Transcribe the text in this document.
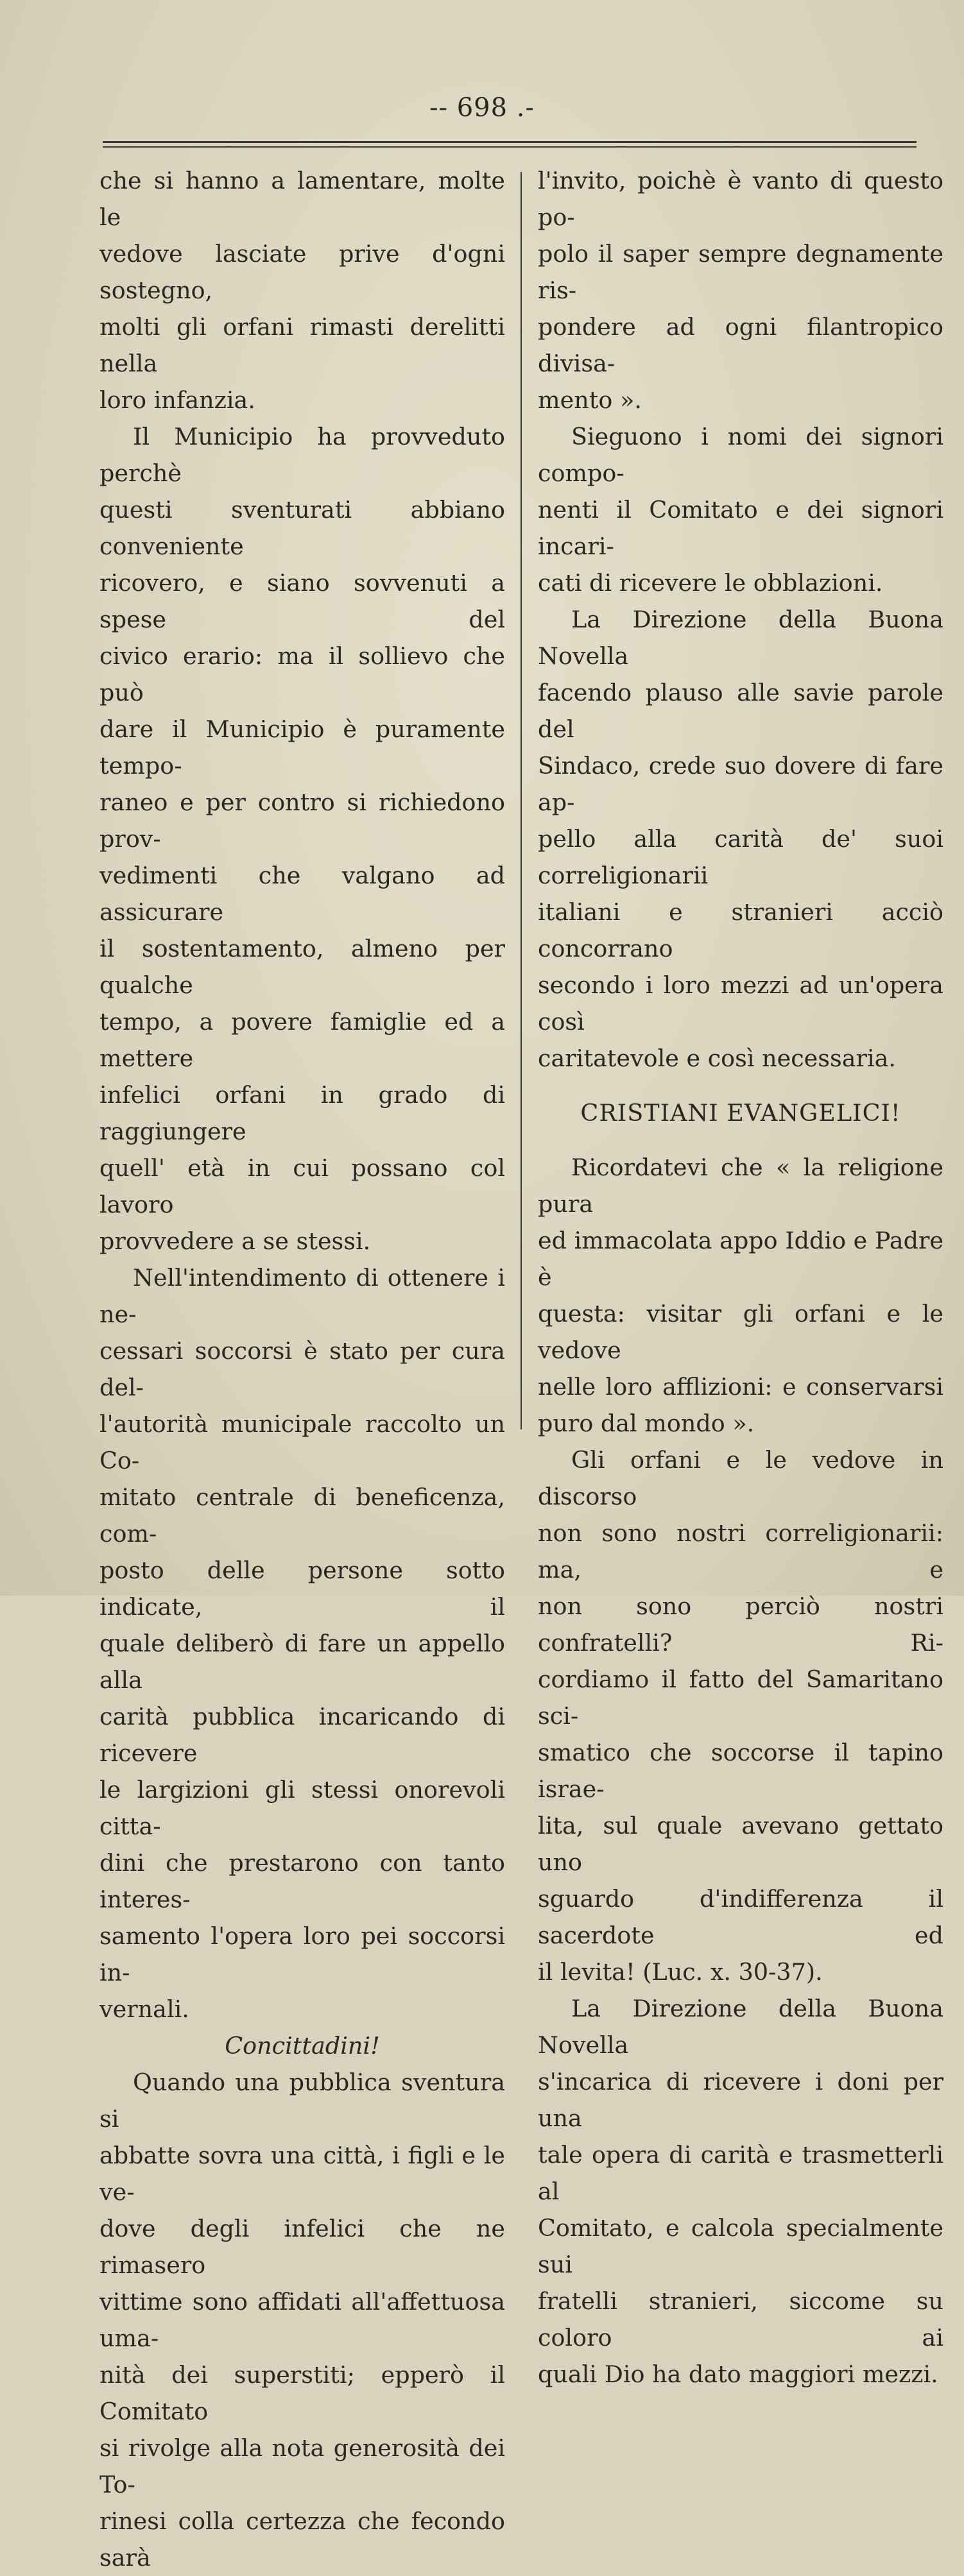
-- 698 .-

che si hanno a lamentare, molte le

vedove lasciate prive d'ogni sostegno,

molti gli orfani rimasti derelitti nella

loro infanzia.

Il Municipio ha provveduto perchè

questi sventurati abbiano conveniente

ricovero, e siano sovvenuti a spese del

civico erario: ma il sollievo che può

dare il Municipio è puramente tempo-

raneo e per contro si richiedono prov-

vedimenti che valgano ad assicurare

il sostentamento, almeno per qualche

tempo, a povere famiglie ed a mettere

infelici orfani in grado di raggiungere

quell' età in cui possano col lavoro

provvedere a se stessi.

Nell'intendimento di ottenere i ne-

cessari soccorsi è stato per cura del-

l'autorità municipale raccolto un Co-

mitato centrale di beneficenza, com-

posto delle persone sotto indicate, il

quale deliberò di fare un appello alla

carità pubblica incaricando di ricevere

le largizioni gli stessi onorevoli citta-

dini che prestarono con tanto interes-

samento l'opera loro pei soccorsi in-

vernali.

Concittadini!

Quando una pubblica sventura si

abbatte sovra una città, i figli e le ve-

dove degli infelici che ne rimasero

vittime sono affidati all'affettuosa uma-

nità dei superstiti; epperò il Comitato

si rivolge alla nota generosità dei To-

rinesi colla certezza che fecondo sarà

l'invito, poichè è vanto di questo po-

polo il saper sempre degnamente ris-

pondere ad ogni filantropico divisa-

mento ».

Sieguono i nomi dei signori compo-

nenti il Comitato e dei signori incari-

cati di ricevere le obblazioni.

La Direzione della Buona Novella

facendo plauso alle savie parole del

Sindaco, crede suo dovere di fare ap-

pello alla carità de' suoi correligionarii

italiani e stranieri acciò concorrano

secondo i loro mezzi ad un'opera così

caritatevole e così necessaria.

CRISTIANI EVANGELICI!

Ricordatevi che « la religione pura

ed immacolata appo Iddio e Padre è

questa: visitar gli orfani e le vedove

nelle loro afflizioni: e conservarsi

puro dal mondo ».

Gli orfani e le vedove in discorso

non sono nostri correligionarii: ma, e

non sono perciò nostri confratelli? Ri-

cordiamo il fatto del Samaritano sci-

smatico che soccorse il tapino israe-

lita, sul quale avevano gettato uno

sguardo d'indifferenza il sacerdote ed

il levita! (Luc. x. 30-37).

La Direzione della Buona Novella

s'incarica di ricevere i doni per una

tale opera di carità e trasmetterli al

Comitato, e calcola specialmente sui

fratelli stranieri, siccome su coloro ai

quali Dio ha dato maggiori mezzi.
